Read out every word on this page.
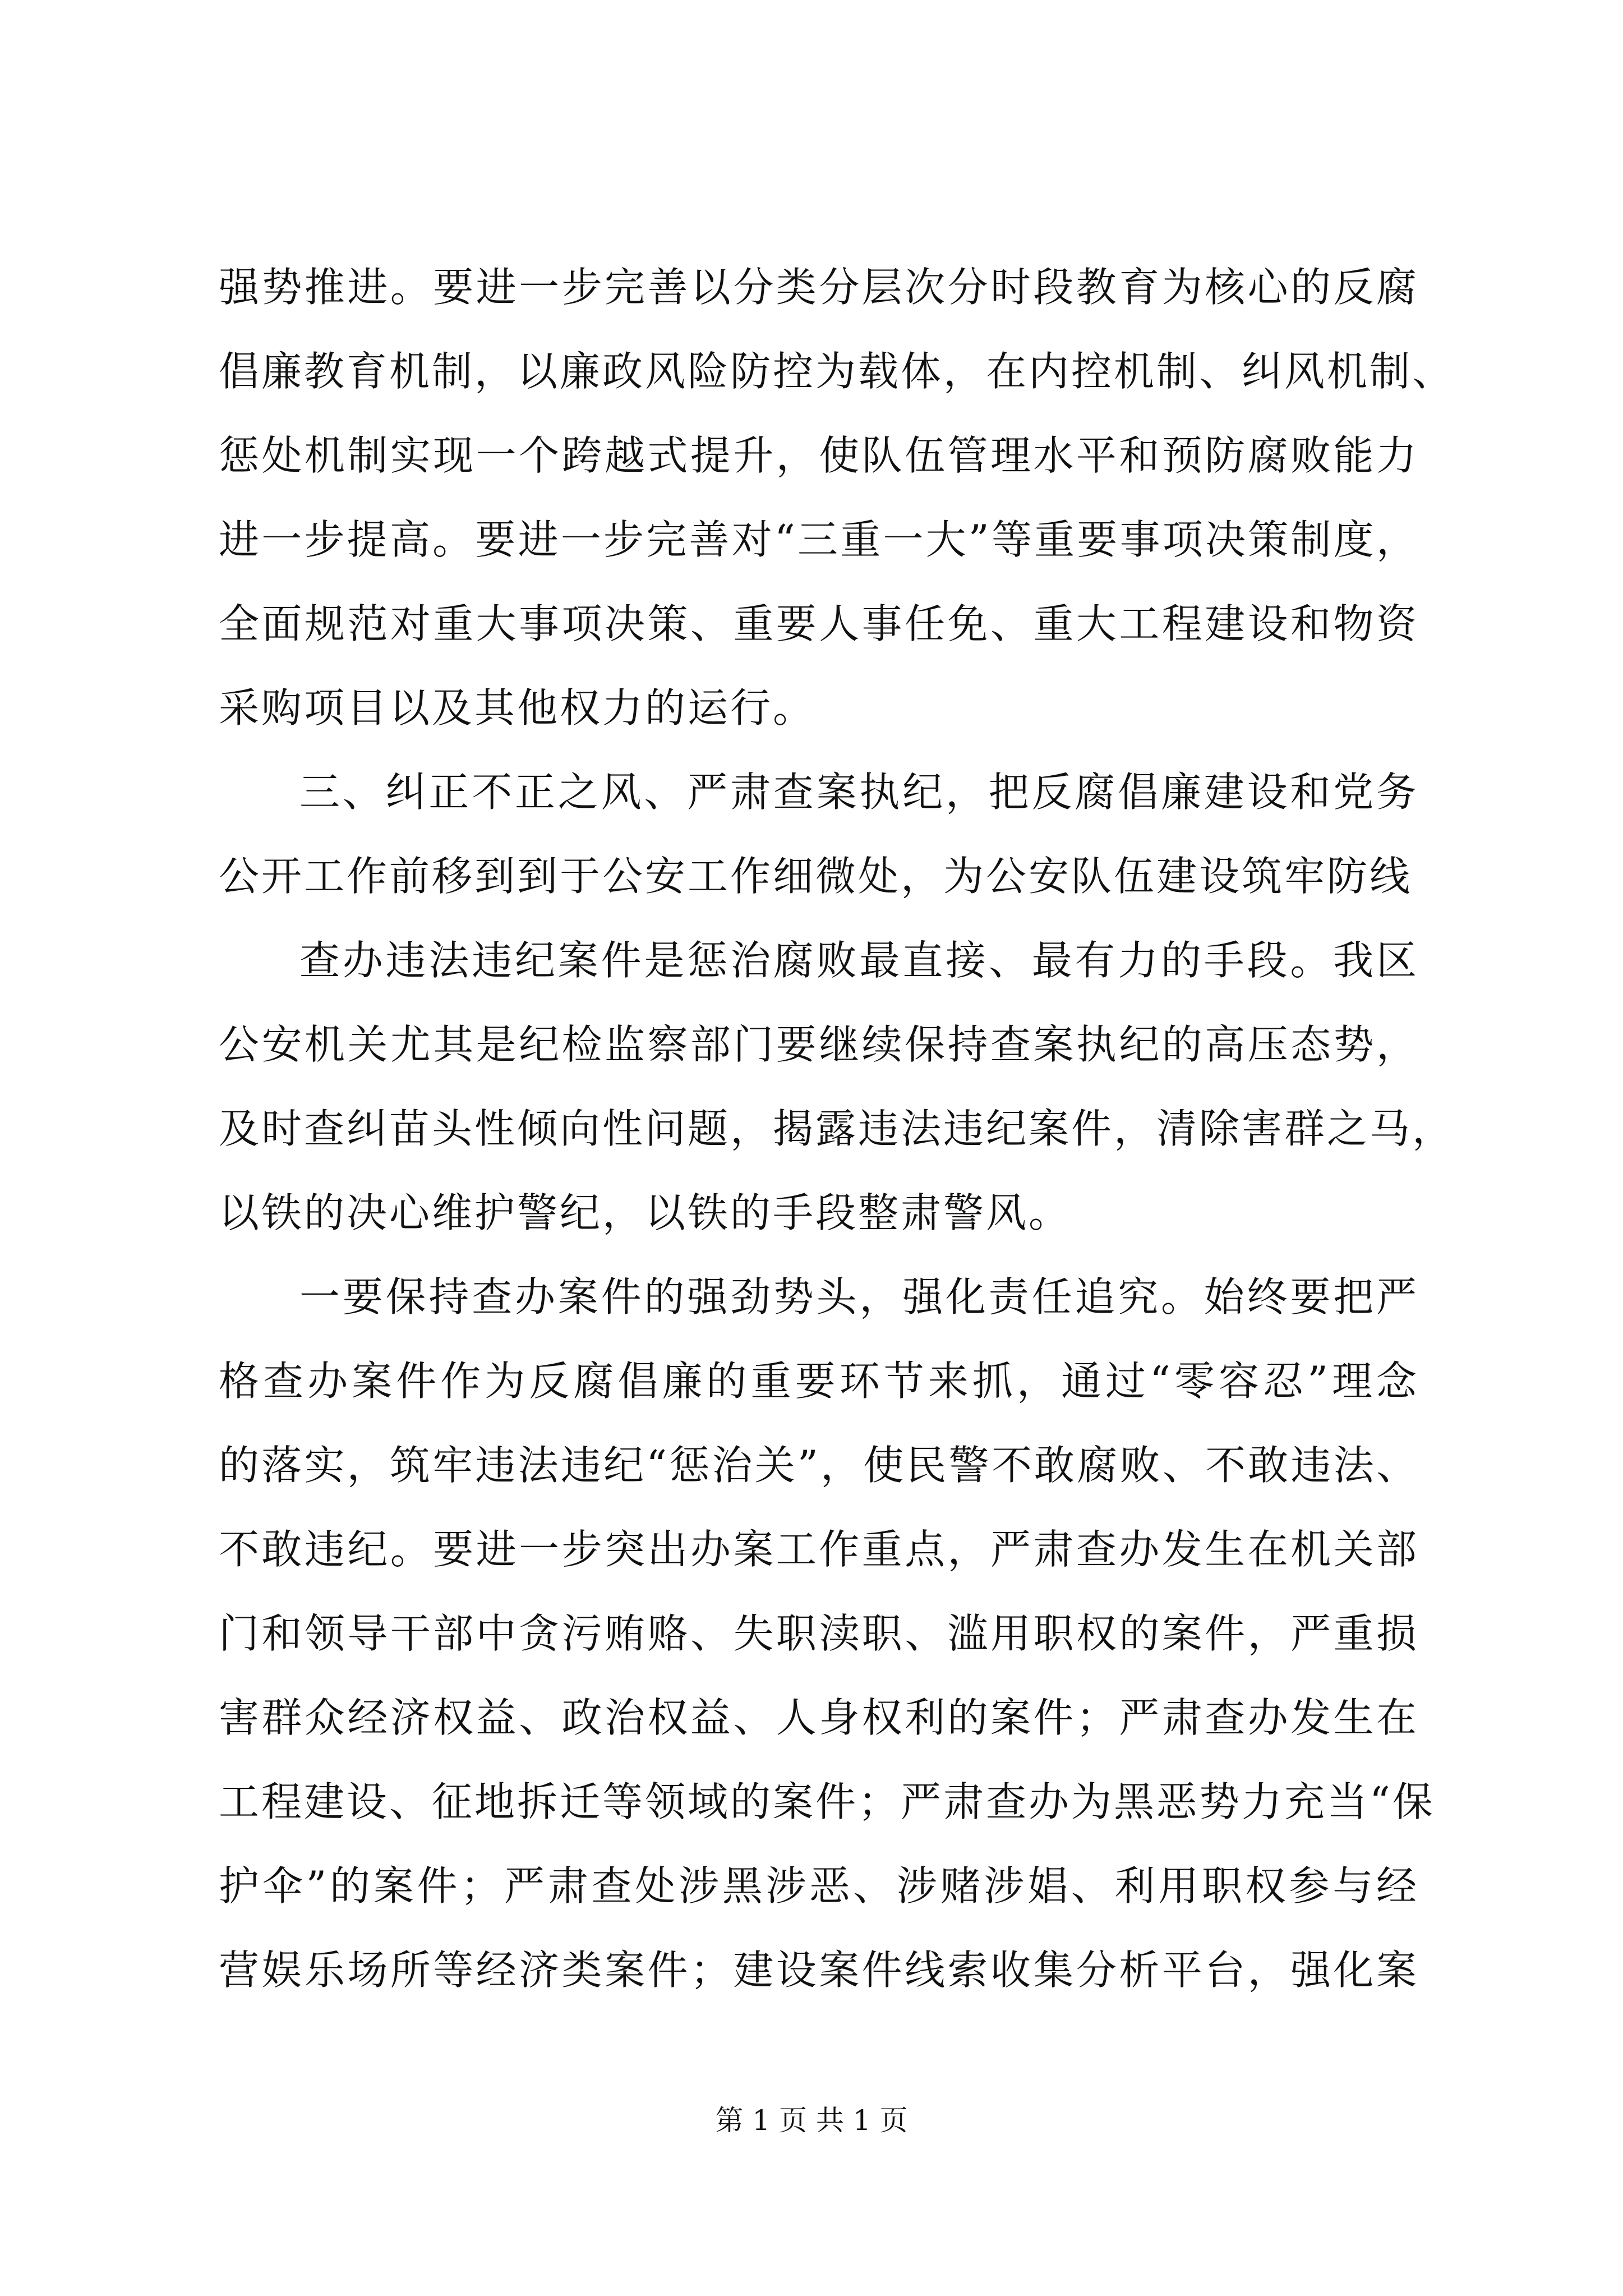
强势推进。要进一步完善以分类分层次分时段教育为核心的反腐
倡廉教育机制，以廉政风险防控为载体，在内控机制、纠风机制、
惩处机制实现一个跨越式提升，使队伍管理水平和预防腐败能力
进一步提高。要进一步完善对“三重一大”等重要事项决策制度，
全面规范对重大事项决策、重要人事任免、重大工程建设和物资
采购项目以及其他权力的运行。
三、纠正不正之风、严肃查案执纪，把反腐倡廉建设和党务
公开工作前移到到于公安工作细微处，为公安队伍建设筑牢防线
查办违法违纪案件是惩治腐败最直接、最有力的手段。我区
公安机关尤其是纪检监察部门要继续保持查案执纪的高压态势，
及时查纠苗头性倾向性问题，揭露违法违纪案件，清除害群之马，
以铁的决心维护警纪，以铁的手段整肃警风。
一要保持查办案件的强劲势头，强化责任追究。始终要把严
格查办案件作为反腐倡廉的重要环节来抓，通过“零容忍”理念
的落实，筑牢违法违纪“惩治关”，使民警不敢腐败、不敢违法、
不敢违纪。要进一步突出办案工作重点，严肃查办发生在机关部
门和领导干部中贪污贿赂、失职渎职、滥用职权的案件，严重损
害群众经济权益、政治权益、人身权利的案件；严肃查办发生在
工程建设、征地拆迁等领域的案件；严肃查办为黑恶势力充当“保
护伞”的案件；严肃查处涉黑涉恶、涉赌涉娼、利用职权参与经
营娱乐场所等经济类案件；建设案件线索收集分析平台，强化案
第 1 页 共 1 页
